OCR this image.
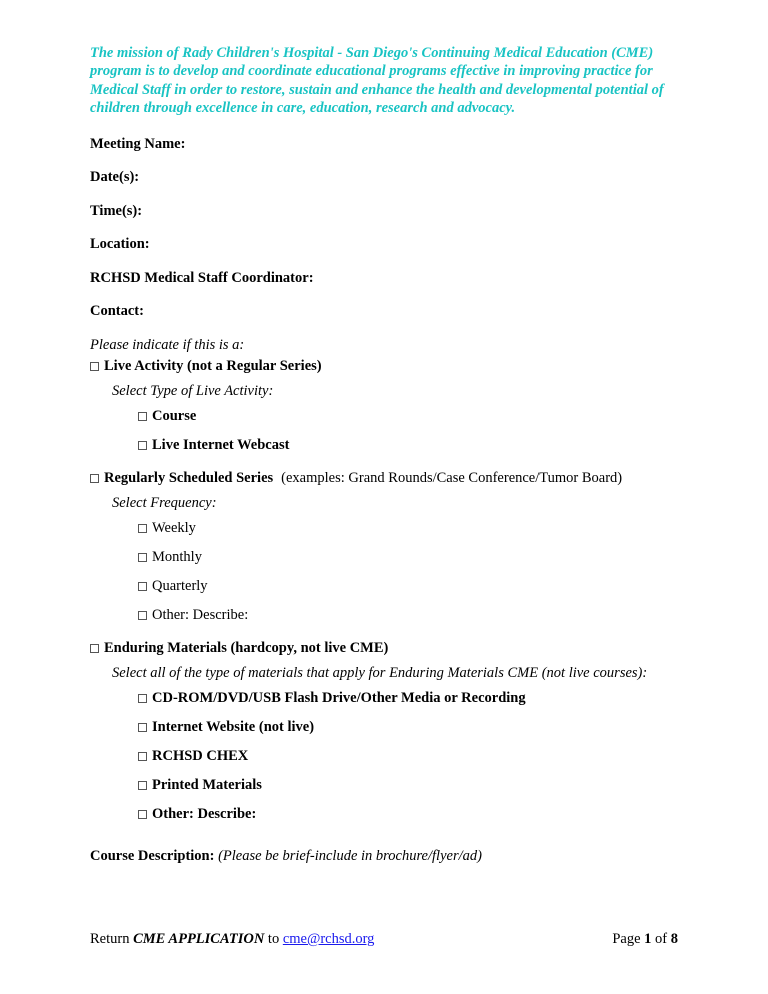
The mission of Rady Children's Hospital - San Diego's Continuing Medical Education (CME) program is to develop and coordinate educational programs effective in improving practice for Medical Staff in order to restore, sustain and enhance the health and developmental potential of children through excellence in care, education, research and advocacy.

Meeting Name:

Date(s):

Time(s):

Location:

RCHSD Medical Staff Coordinator:

Contact:

Please indicate if this is a:

Live Activity (not a Regular Series)
Select Type of Live Activity:
Course
Live Internet Webcast
Regularly Scheduled Series (examples: Grand Rounds/Case Conference/Tumor Board)
Select Frequency:
Weekly
Monthly
Quarterly
Other: Describe:
Enduring Materials (hardcopy, not live CME)
Select all of the type of materials that apply for Enduring Materials CME (not live courses):
CD-ROM/DVD/USB Flash Drive/Other Media or Recording
Internet Website (not live)
RCHSD CHEX
Printed Materials
Other: Describe:
Course Description: (Please be brief-include in brochure/flyer/ad)
Return CME APPLICATION to cme@rchsd.org	Page 1 of 8
